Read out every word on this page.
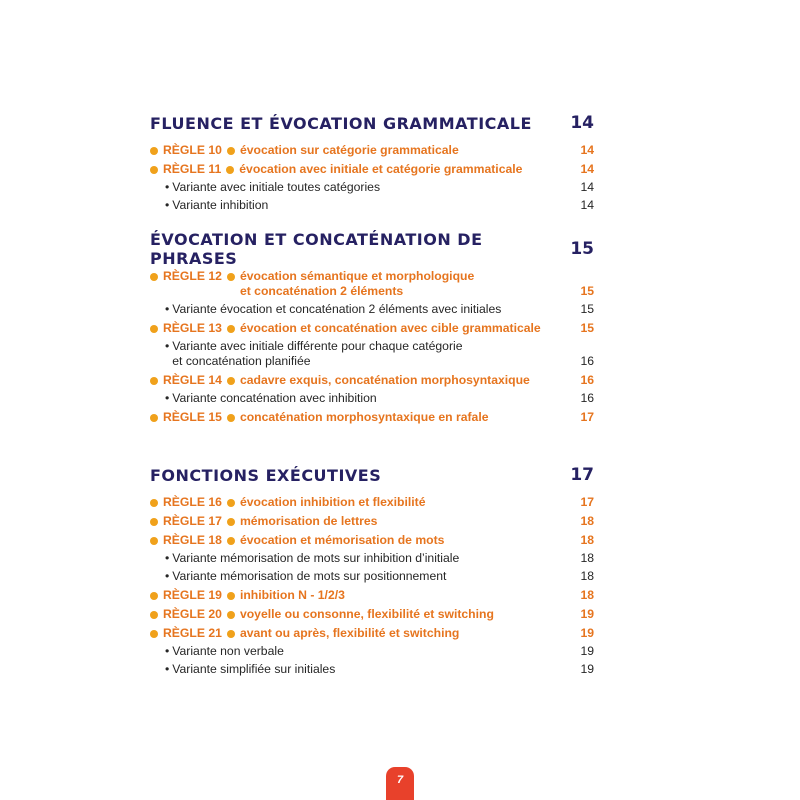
FLUENCE ET ÉVOCATION GRAMMATICALE 14
RÈGLE 10 évocation sur catégorie grammaticale	14
RÈGLE 11 évocation avec initiale et catégorie grammaticale	14
• Variante avec initiale toutes catégories	14
• Variante inhibition	14
ÉVOCATION ET CONCATÉNATION DE PHRASES	15
RÈGLE 12 évocation sémantique et morphologique
et concaténation 2 éléments	15
• Variante évocation et concaténation 2 éléments avec initiales	15
RÈGLE 13 évocation et concaténation avec cible grammaticale	15
• Variante avec initiale différente pour chaque catégorie
et concaténation planifiée	16
RÈGLE 14 cadavre exquis, concaténation morphosyntaxique	16
• Variante concaténation avec inhibition	16
RÈGLE 15 concaténation morphosyntaxique en rafale	17
FONCTIONS EXÉCUTIVES	17
RÈGLE 16 évocation inhibition et flexibilité	17
RÈGLE 17 mémorisation de lettres	18
RÈGLE 18 évocation et mémorisation de mots	18
• Variante mémorisation de mots sur inhibition d’initiale	18
• Variante mémorisation de mots sur positionnement	18
RÈGLE 19 inhibition N - 1/2/3	18
RÈGLE 20 voyelle ou consonne, flexibilité et switching	19
RÈGLE 21 avant ou après, flexibilité et switching	19
• Variante non verbale	19
• Variante simplifiée sur initiales	19
7
